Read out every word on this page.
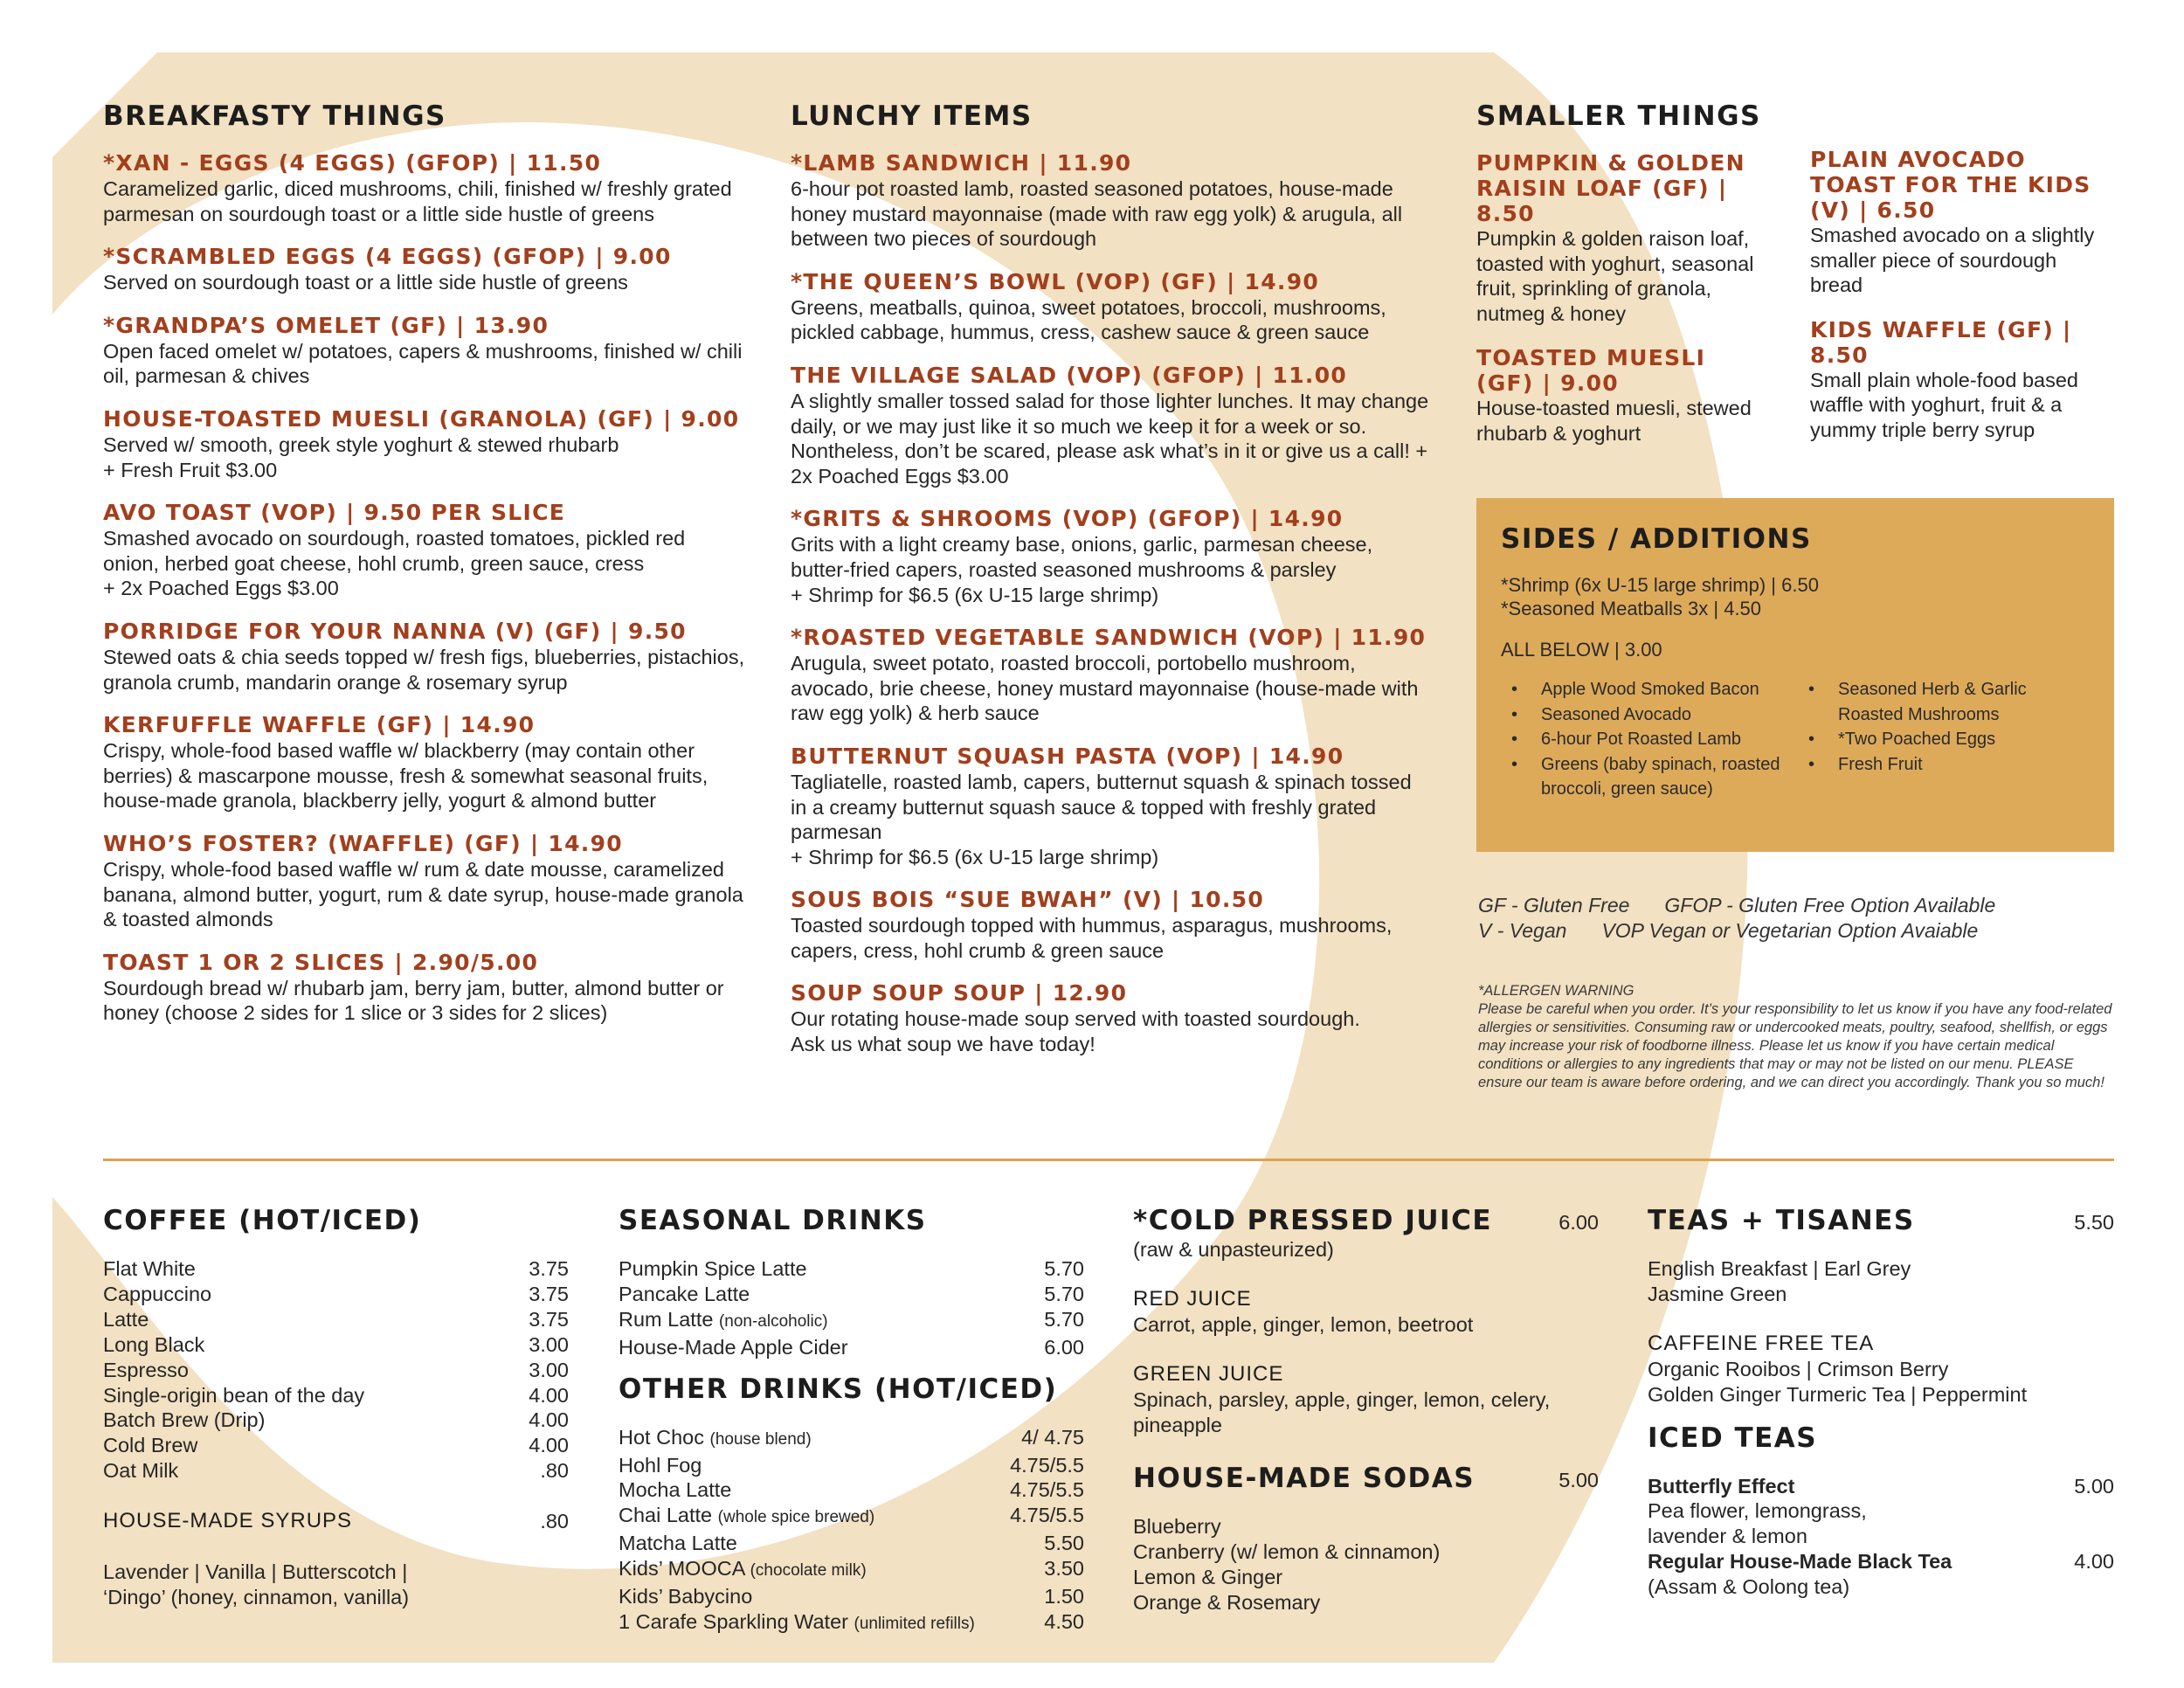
BREAKFASTY THINGS
*XAN - EGGS (4 EGGS) (GFOP) | 11.50
Caramelized garlic, diced mushrooms, chili, finished w/ freshly grated parmesan on sourdough toast or a little side hustle of greens
*SCRAMBLED EGGS (4 EGGS) (GFOP) | 9.00
Served on sourdough toast or a little side hustle of greens
*GRANDPA’S OMELET (GF) | 13.90
Open faced omelet w/ potatoes, capers & mushrooms, finished w/ chili oil, parmesan & chives
HOUSE-TOASTED MUESLI (GRANOLA) (GF) | 9.00
Served w/ smooth, greek style yoghurt & stewed rhubarb
+ Fresh Fruit $3.00
AVO TOAST (VOP) | 9.50 PER SLICE
Smashed avocado on sourdough, roasted tomatoes, pickled red onion, herbed goat cheese, hohl crumb, green sauce, cress
+ 2x Poached Eggs $3.00
PORRIDGE FOR YOUR NANNA (V) (GF) | 9.50
Stewed oats & chia seeds topped w/ fresh figs, blueberries, pistachios, granola crumb, mandarin orange & rosemary syrup
KERFUFFLE WAFFLE (GF) | 14.90
Crispy, whole-food based waffle w/ blackberry (may contain other berries) & mascarpone mousse, fresh & somewhat seasonal fruits, house-made granola, blackberry jelly, yogurt & almond butter
WHO’S FOSTER? (WAFFLE) (GF) | 14.90
Crispy, whole-food based waffle w/ rum & date mousse, caramelized banana, almond butter, yogurt, rum & date syrup, house-made granola & toasted almonds
TOAST 1 OR 2 SLICES | 2.90/5.00
Sourdough bread w/ rhubarb jam, berry jam, butter, almond butter or honey (choose 2 sides for 1 slice or 3 sides for 2 slices)
LUNCHY ITEMS
*LAMB SANDWICH | 11.90
6-hour pot roasted lamb, roasted seasoned potatoes, house-made honey mustard mayonnaise (made with raw egg yolk) & arugula, all between two pieces of sourdough
*THE QUEEN’S BOWL (VOP) (GF) | 14.90
Greens, meatballs, quinoa, sweet potatoes, broccoli, mushrooms, pickled cabbage, hummus, cress, cashew sauce & green sauce
THE VILLAGE SALAD (VOP) (GFOP) | 11.00
A slightly smaller tossed salad for those lighter lunches. It may change daily, or we may just like it so much we keep it for a week or so. Nontheless, don’t be scared, please ask what’s in it or give us a call! + 2x Poached Eggs $3.00
*GRITS & SHROOMS (VOP) (GFOP) | 14.90
Grits with a light creamy base, onions, garlic, parmesan cheese, butter-fried capers, roasted seasoned mushrooms & parsley
+ Shrimp for $6.5 (6x U-15 large shrimp)
*ROASTED VEGETABLE SANDWICH (VOP) | 11.90
Arugula, sweet potato, roasted broccoli, portobello mushroom, avocado, brie cheese, honey mustard mayonnaise (house-made with raw egg yolk) & herb sauce
BUTTERNUT SQUASH PASTA (VOP) | 14.90
Tagliatelle, roasted lamb, capers, butternut squash & spinach tossed in a creamy butternut squash sauce & topped with freshly grated parmesan
+ Shrimp for $6.5 (6x U-15 large shrimp)
SOUS BOIS “SUE BWAH” (V) | 10.50
Toasted sourdough topped with hummus, asparagus, mushrooms, capers, cress, hohl crumb & green sauce
SOUP SOUP SOUP | 12.90
Our rotating house-made soup served with toasted sourdough.
Ask us what soup we have today!
SMALLER THINGS
PUMPKIN & GOLDEN RAISIN LOAF (GF) | 8.50
Pumpkin & golden raison loaf, toasted with yoghurt, seasonal fruit, sprinkling of granola, nutmeg & honey
TOASTED MUESLI (GF) | 9.00
House-toasted muesli, stewed rhubarb & yoghurt
PLAIN AVOCADO TOAST FOR THE KIDS (V) | 6.50
Smashed avocado on a slightly smaller piece of sourdough bread
KIDS WAFFLE (GF) | 8.50
Small plain whole-food based waffle with yoghurt, fruit & a yummy triple berry syrup
SIDES / ADDITIONS
*Shrimp (6x U-15 large shrimp) | 6.50
*Seasoned Meatballs 3x | 4.50
ALL BELOW | 3.00
• Apple Wood Smoked Bacon
• Seasoned Avocado
• 6-hour Pot Roasted Lamb
• Greens (baby spinach, roasted broccoli, green sauce)
• Seasoned Herb & Garlic Roasted Mushrooms
• *Two Poached Eggs
• Fresh Fruit
GF - Gluten Free GFOP - Gluten Free Option Available
V - Vegan VOP Vegan or Vegetarian Option Avaiable
*ALLERGEN WARNING
Please be careful when you order. It’s your responsibility to let us know if you have any food-related allergies or sensitivities. Consuming raw or undercooked meats, poultry, seafood, shellfish, or eggs may increase your risk of foodborne illness. Please let us know if you have certain medical conditions or allergies to any ingredients that may or may not be listed on our menu. PLEASE ensure our team is aware before ordering, and we can direct you accordingly. Thank you so much!
COFFEE (HOT/ICED)
Flat White	3.75
Cappuccino	3.75
Latte	3.75
Long Black	3.00
Espresso	3.00
Single-origin bean of the day	4.00
Batch Brew (Drip)	4.00
Cold Brew	4.00
Oat Milk	.80
HOUSE-MADE SYRUPS	.80
Lavender | Vanilla | Butterscotch | ‘Dingo’ (honey, cinnamon, vanilla)
SEASONAL DRINKS
Pumpkin Spice Latte	5.70
Pancake Latte	5.70
Rum Latte (non-alcoholic)	5.70
House-Made Apple Cider	6.00
OTHER DRINKS (HOT/ICED)
Hot Choc (house blend)	4/ 4.75
Hohl Fog	4.75/5.5
Mocha Latte	4.75/5.5
Chai Latte (whole spice brewed)	4.75/5.5
Matcha Latte	5.50
Kids’ MOOCA (chocolate milk)	3.50
Kids’ Babycino	1.50
1 Carafe Sparkling Water (unlimited refills)	4.50
*COLD PRESSED JUICE	6.00
(raw & unpasteurized)
RED JUICE
Carrot, apple, ginger, lemon, beetroot
GREEN JUICE
Spinach, parsley, apple, ginger, lemon, celery, pineapple
HOUSE-MADE SODAS	5.00
Blueberry
Cranberry (w/ lemon & cinnamon)
Lemon & Ginger
Orange & Rosemary
TEAS + TISANES	5.50
English Breakfast | Earl Grey
Jasmine Green
CAFFEINE FREE TEA
Organic Rooibos | Crimson Berry
Golden Ginger Turmeric Tea | Peppermint
ICED TEAS
Butterfly Effect	5.00
Pea flower, lemongrass, lavender & lemon
Regular House-Made Black Tea	4.00
(Assam & Oolong tea)
